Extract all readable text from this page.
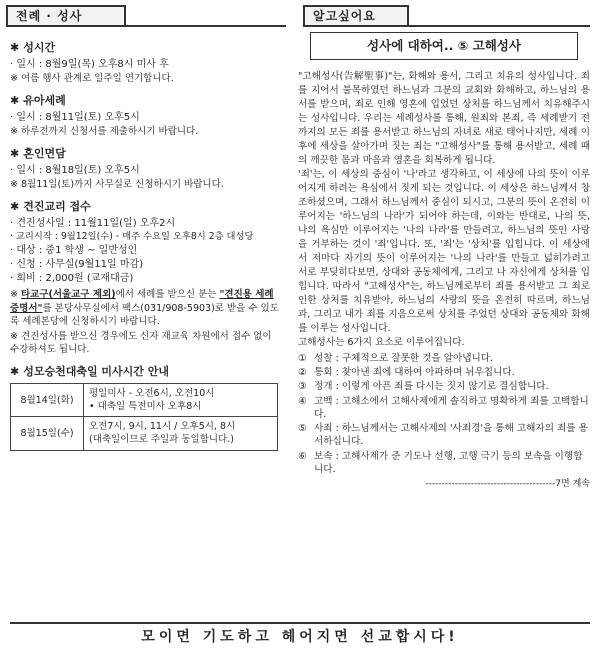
전례 · 성사	알고싶어요
✱ 성시간

· 일시 : 8월9일(목) 오후8시 미사 후

※ 여름 행사 관계로 일주일 연기합니다.

✱ 유아세례

· 일시 : 8월11일(토) 오후5시

※ 하루전까지 신청서를 제출하시기 바랍니다.

✱ 혼인면담

· 일시 : 8월18일(토) 오후5시

※ 8월11일(토)까지 사무실로 신청하시기 바랍니다.

✱ 견진교리 접수

· 견진성사일 : 11월11일(일) 오후2시

· 교리시작 : 9월12일(수) - 매주 수요일 오후8시 2층 대성당

· 대상 : 중1 학생 ~ 일반성인

· 신청 : 사무실(9월11일 마감)

· 회비 : 2,000원 (교재대금)

※ 타교구(서울교구 제외)에서 세례를 받으신 분는 "견진용 세례증명서"를 본당사무실에서 팩스(031/908-5903)로 받을 수 있도록 세례본당에 신청하시기 바랍니다.

※ 견진성사를 받으신 경우에도 신자 재교육 차원에서 접수 없이 수강하셔도 됩니다.

✱ 성모승천대축일 미사시간 안내
8월14일(화)	평일미사 - 오전6시, 오전10시
• 대축일 특전미사 오후8시

8월15일(수)	오전7시, 9시, 11시 / 오후5시, 8시
(대축일이므로 주일과 동일합니다.)
성사에 대하여.. ⑤ 고해성사

"고해성사(告解聖事)"는, 화해와 용서, 그리고 치유의 성사입니다. 죄를 지어서 불목하였던 하느님과 그분의 교회와 화해하고, 하느님의 용서를 받으며, 죄로 인해 영혼에 입었던 상처를 하느님께서 치유해주시는 성사입니다. 우리는 세례성사를 통해, 원죄와 본죄, 즉 세례받기 전까지의 모든 죄를 용서받고 하느님의 자녀로 새로 태어나지만, 세례 이후에 세상을 살아가며 짓는 죄는 "고해성사"를 통해 용서받고, 세례 때의 깨끗한 몸과 마음과 영혼을 회복하게 됩니다.

'죄'는, 이 세상의 중심이 '나'라고 생각하고, 이 세상에 나의 뜻이 이루어지게 하려는 욕심에서 짓게 되는 것입니다. 이 세상은 하느님께서 창조하셨으며, 그래서 하느님께서 중심이 되시고, 그분의 뜻이 온전히 이루어지는 '하느님의 나라'가 되어야 하는데, 이와는 반대로, 나의 뜻, 나의 욕심만 이루어지는 '나의 나라'를 만들려고, 하느님의 뜻인 사랑을 거부하는 것이 '죄'입니다. 또, '죄'는 '상처'를 입힙니다. 이 세상에서 저마다 자기의 뜻이 이루어지는 '나의 나라'를 만들고 넓히가려고 서로 부딪히다보면, 상대와 공동체에게, 그리고 나 자신에게 상처를 입힙니다. 따라서 "고해성사"는, 하느님께로부터 죄를 용서받고 그 죄로 인한 상처를 치유받아, 하느님의 사랑의 뜻을 온전히 따르며, 하느님과, 그리고 내가 죄를 지음으로써 상처를 주었던 상대와 공동체와 화해를 이루는 성사입니다.

고해성사는 6가지 요소로 이루어집니다.

① 성찰 : 구체적으로 잘못한 것을 알아냅니다.
② 통회 : 찾아낸 죄에 대하여 아파하며 뉘우칩니다.
③ 정개 : 이렇게 아픈 죄를 다시는 짓지 않기로 결심합니다.
④ 고백 : 고해소에서 고해사제에게 솔직하고 명확하게 죄를 고백합니다.
⑤ 사죄 : 하느님께서는 고해사제의 '사죄경'을 통해 고해자의 죄를 용서하십니다.
⑥ 보속 : 고해사제가 준 기도나 선행, 고행 극기 등의 보속을 이행합니다.
----------------------------------------7면 계속
모이면 기도하고 헤어지면 선교합시다!
